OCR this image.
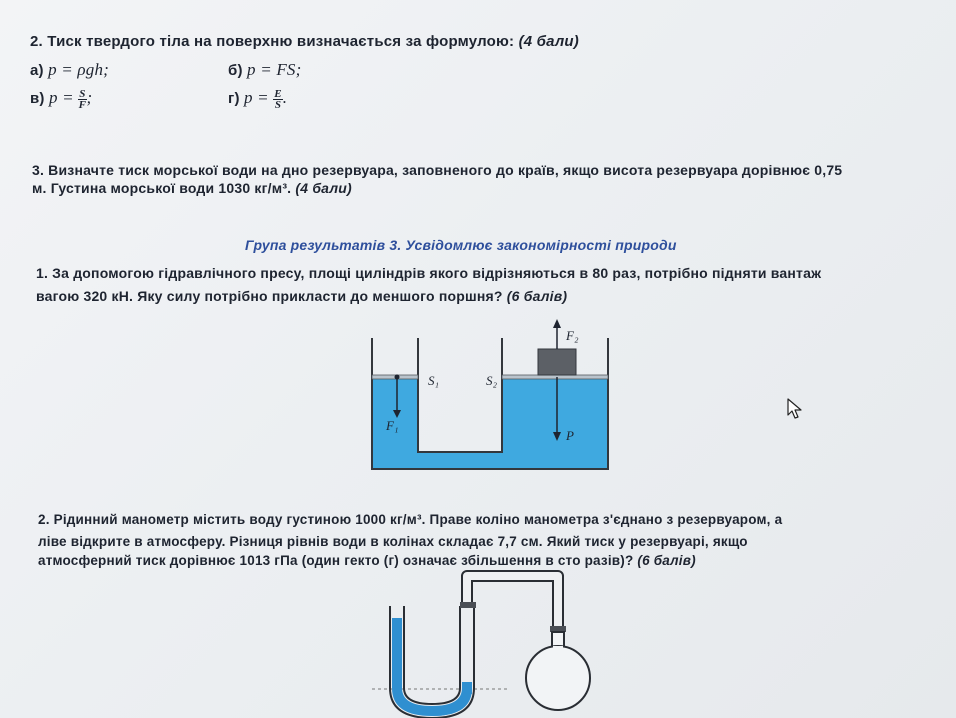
2. Тиск твердого тіла на поверхню визначається за формулою: (4 бали)
а) p = ρgh;	б) p = FS;
в) $p = \frac{S}{F}$ ;	г) $p = \frac{E}{S}$ .
3. Визначте тиск морської води на дно резервуара, заповненого до країв, якщо висота резервуара дорівнює 0,75
м. Густина морської води 1030 кг/м³. (4 бали)
Група результатів 3. Усвідомлює закономірності природи
1. За допомогою гідравлічного пресу, площі циліндрів якого відрізняються в 80 раз, потрібно підняти вантаж
вагою 320 кН. Яку силу потрібно прикласти до меншого поршня? (6 балів)
S₁	S₂
F₁
F₂
P
2. Рідинний манометр містить воду густиною 1000 кг/м³. Праве коліно манометра з'єднано з резервуаром, а
ліве відкрите в атмосферу. Різниця рівнів води в колінах складає 7,7 см. Який тиск у резервуарі, якщо
атмосферний тиск дорівнює 1013 гПа (один гекто (г) означає збільшення в сто разів)? (6 балів)
